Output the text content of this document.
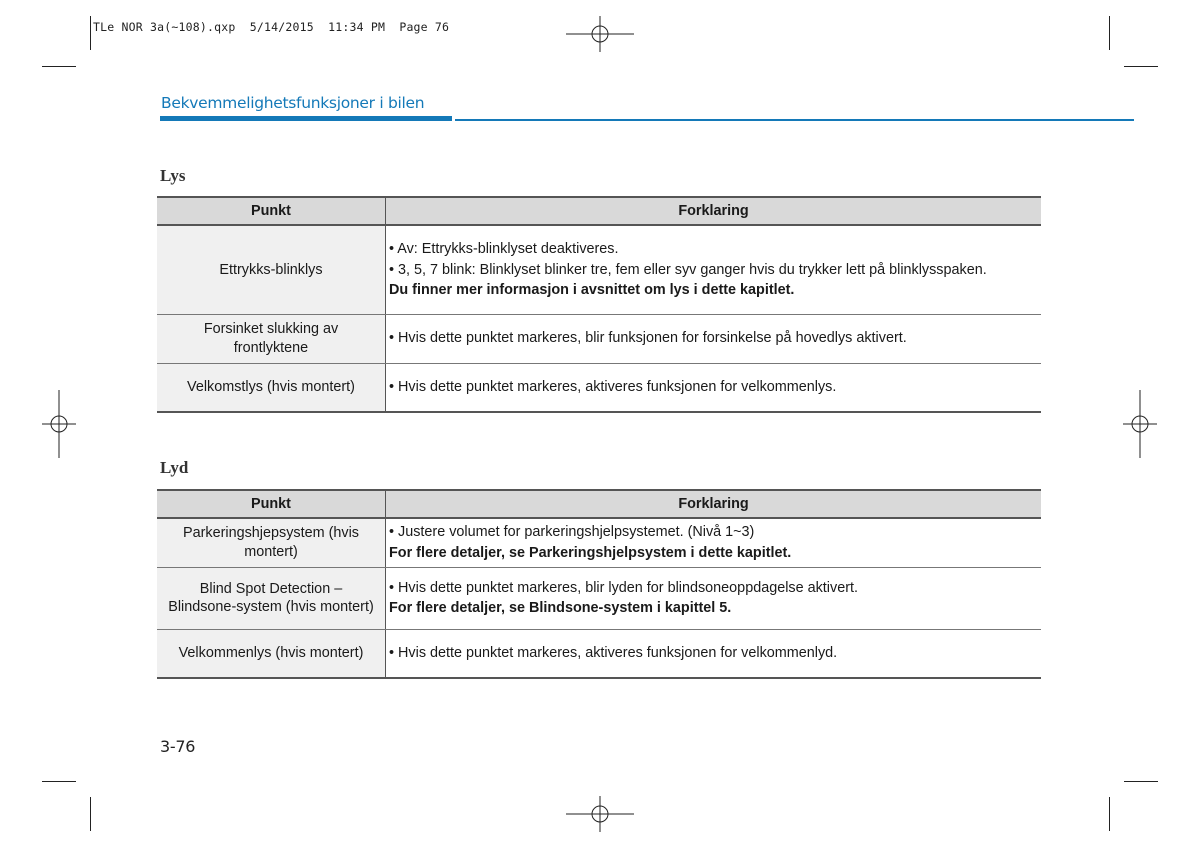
TLe NOR 3a(~108).qxp  5/14/2015  11:34 PM  Page 76
Bekvemmelighetsfunksjoner i bilen
Lys
Punkt	Forklaring
Ettrykks-blinklys	• Av: Ettrykks-blinklyset deaktiveres.
• 3, 5, 7 blink: Blinklyset blinker tre, fem eller syv ganger hvis du trykker lett på blinklysspaken.
Du finner mer informasjon i avsnittet om lys i dette kapitlet.

Forsinket slukking av frontlyktene	• Hvis dette punktet markeres, blir funksjonen for forsinkelse på hovedlys aktivert.

Velkomstlys (hvis montert)	• Hvis dette punktet markeres, aktiveres funksjonen for velkommenlys.
Lyd
Punkt	Forklaring
Parkeringshjepsystem (hvis montert)	• Justere volumet for parkeringshjelpsystemet. (Nivå 1~3)
For flere detaljer, se Parkeringshjelpsystem i dette kapitlet.

Blind Spot Detection – Blindsone-system (hvis montert)	• Hvis dette punktet markeres, blir lyden for blindsoneoppdagelse aktivert.
For flere detaljer, se Blindsone-system i kapittel 5.

Velkommenlys (hvis montert)	• Hvis dette punktet markeres, aktiveres funksjonen for velkommenlyd.
3-76
